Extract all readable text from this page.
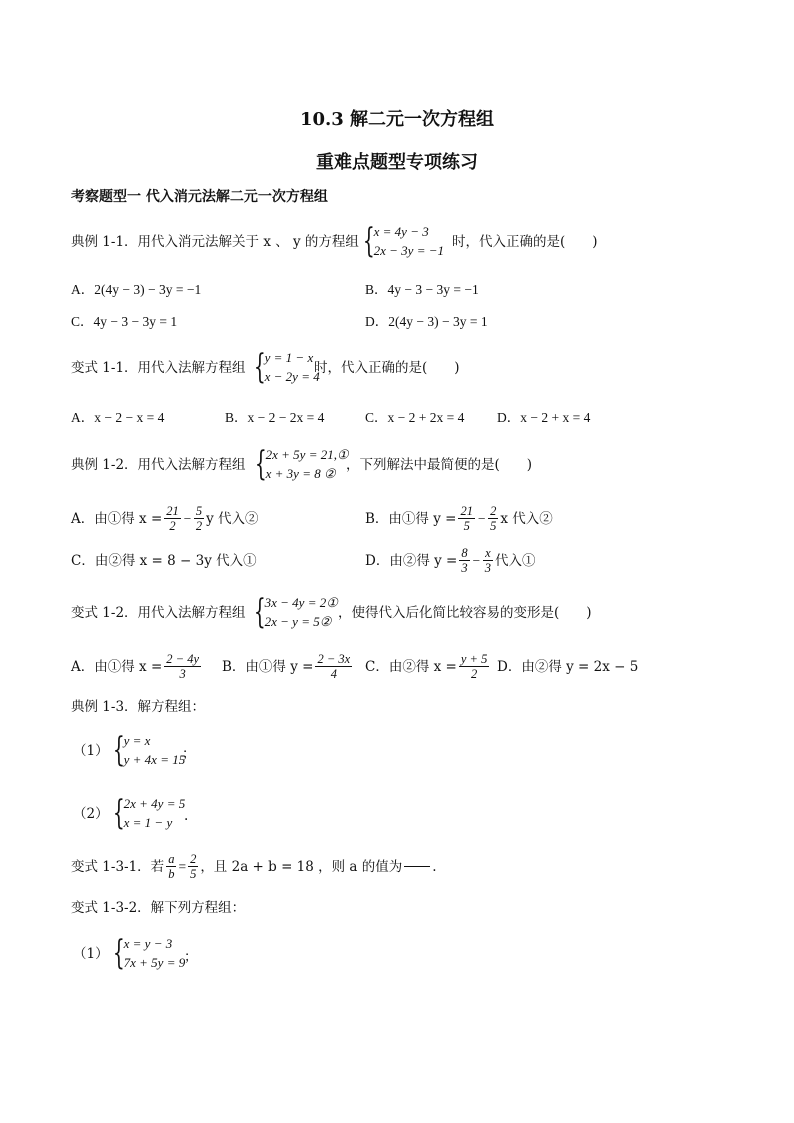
10.3 解二元一次方程组
重难点题型专项练习
考察题型一 代入消元法解二元一次方程组
典例 1-1．用代入消元法解关于 x 、 y 的方程组 {
x = 4y − 3
2x − 3y = −1
时，代入正确的是(　　)
A．2(4y − 3) − 3y = −1	B．4y − 3 − 3y = −1
C．4y − 3 − 3y = 1	D．2(4y − 3) − 3y = 1
变式 1-1．用代入法解方程组 {
y = 1 − x
x − 2y = 4
时，代入正确的是(　　)
A．x − 2 − x = 4	B．x − 2 − 2x = 4	C．x − 2 + 2x = 4 D．x − 2 + x = 4
典例 1-2．用代入法解方程组 {
2x + 5y = 21,①
x + 3y = 8 ②
，下列解法中最简便的是(　　)
A．由①得 $x = \frac{21}{2} - \frac{5}{2}$ y 代入②	B．由①得 $y = \frac{21}{5} - \frac{2}{5}$ x 代入②
C．由②得 x = 8 − 3y 代入①	D．由②得 $y = \frac{8}{3} - \frac{x}{3}$ 代入①
变式 1-2．用代入法解方程组 {
3x − 4y = 2①
2x − y = 5②
，使得代入后化简比较容易的变形是(　　)
A．由①得 $x = \frac{2 - 4y}{3}$ B．由①得 $y = \frac{2 - 3x}{4}$ C．由②得 $x = \frac{y + 5}{2}$ D．由②得 y = 2x − 5
典例 1-3．解方程组：
（1） {
y = x
y + 4x = 15
；
（2） {
2x + 4y = 5
x = 1 − y .
变式 1-3-1．若 $\frac{a}{b} = \frac{2}{5}$ ，且 2a + b = 18 ，则 a 的值为 .
变式 1-3-2．解下列方程组：
（1） {
x = y − 3
7x + 5y = 9
；
